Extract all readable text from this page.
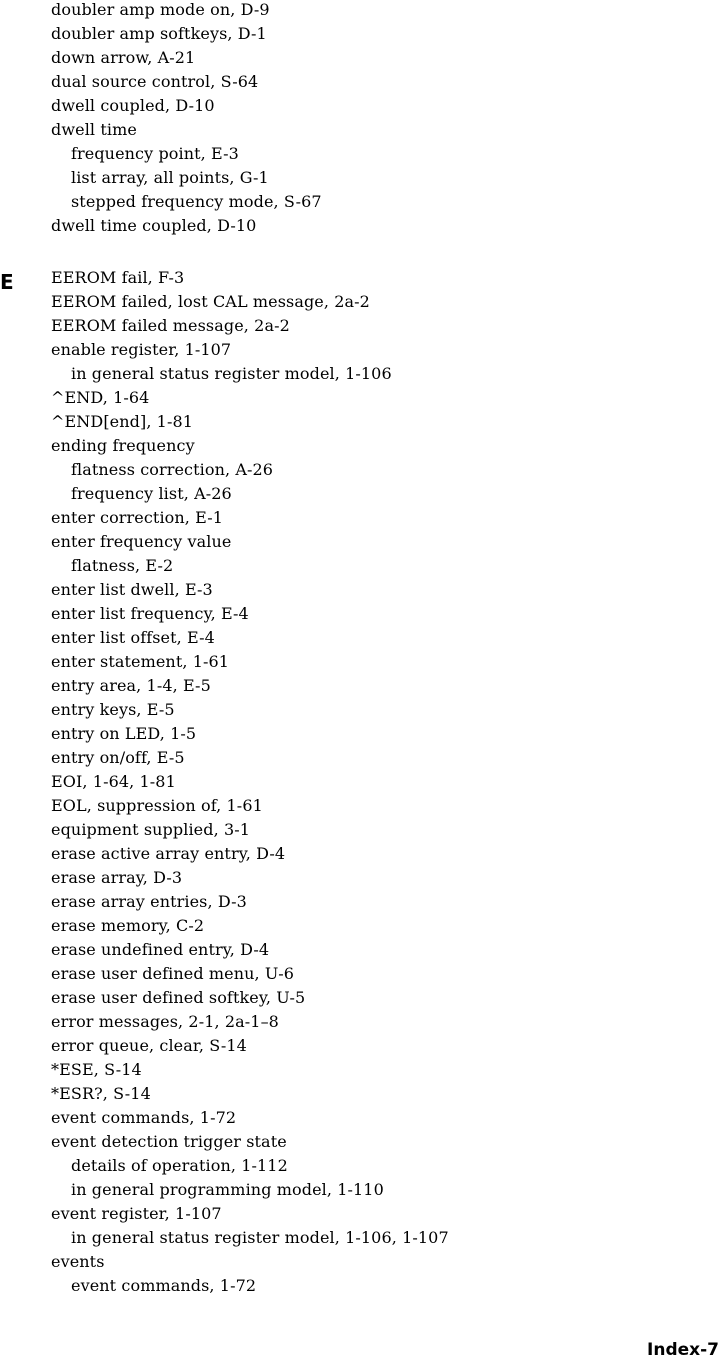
doubler amp mode on, D-9
doubler amp softkeys, D-1
down arrow, A-21
dual source control, S-64
dwell coupled, D-10
dwell time
frequency point, E-3
list array, all points, G-1
stepped frequency mode, S-67
dwell time coupled, D-10
EEROM fail, F-3
EEROM failed, lost CAL message, 2a-2
EEROM failed message, 2a-2
enable register, 1-107
in general status register model, 1-106
^END, 1-64
^END[end], 1-81
ending frequency
flatness correction, A-26
frequency list, A-26
enter correction, E-1
enter frequency value
flatness, E-2
enter list dwell, E-3
enter list frequency, E-4
enter list offset, E-4
enter statement, 1-61
entry area, 1-4, E-5
entry keys, E-5
entry on LED, 1-5
entry on/off, E-5
EOI, 1-64, 1-81
EOL, suppression of, 1-61
equipment supplied, 3-1
erase active array entry, D-4
erase array, D-3
erase array entries, D-3
erase memory, C-2
erase undefined entry, D-4
erase user defined menu, U-6
erase user defined softkey, U-5
error messages, 2-1, 2a-1–8
error queue, clear, S-14
*ESE, S-14
*ESR?, S-14
event commands, 1-72
event detection trigger state
details of operation, 1-112
in general programming model, 1-110
event register, 1-107
in general status register model, 1-106, 1-107
events
event commands, 1-72
E
Index-7
